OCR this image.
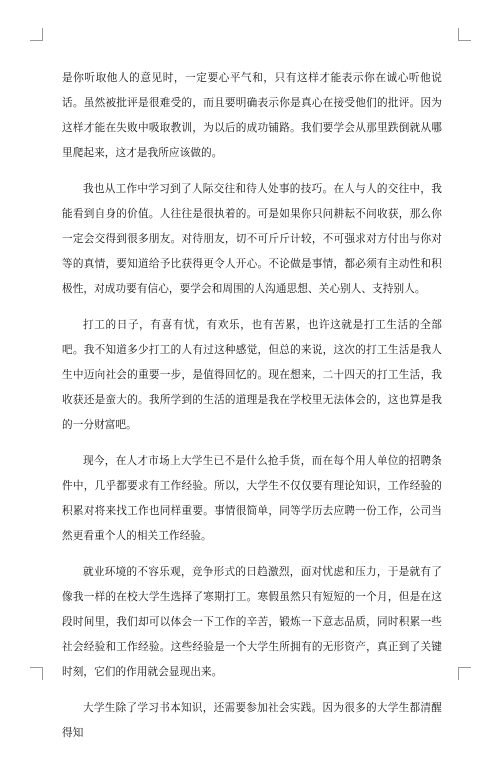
是你听取他人的意见时，一定要心平气和，只有这样才能表示你在诚心听他说话。虽然被批评是很难受的，而且要明确表示你是真心在接受他们的批评。因为这样才能在失败中吸取教训，为以后的成功铺路。我们要学会从那里跌倒就从哪里爬起来，这才是我所应该做的。

我也从工作中学习到了人际交往和待人处事的技巧。在人与人的交往中，我能看到自身的价值。人往往是很执着的。可是如果你只问耕耘不问收获，那么你一定会交得到很多朋友。对待朋友，切不可斤斤计较，不可强求对方付出与你对等的真情，要知道给予比获得更令人开心。不论做是事情，都必须有主动性和积极性，对成功要有信心，要学会和周围的人沟通思想、关心别人、支持别人。

打工的日子，有喜有忧，有欢乐，也有苦累，也许这就是打工生活的全部吧。我不知道多少打工的人有过这种感觉，但总的来说，这次的打工生活是我人生中迈向社会的重要一步，是值得回忆的。现在想来，二十四天的打工生活，我收获还是蛮大的。我所学到的生活的道理是我在学校里无法体会的，这也算是我的一分财富吧。

现今，在人才市场上大学生已不是什么抢手货，而在每个用人单位的招聘条件中，几乎都要求有工作经验。所以，大学生不仅仅要有理论知识，工作经验的积累对将来找工作也同样重要。事情很简单，同等学历去应聘一份工作，公司当然更看重个人的相关工作经验。

就业环境的不容乐观，竞争形式的日趋激烈，面对忧虑和压力，于是就有了像我一样的在校大学生选择了寒期打工。寒假虽然只有短短的一个月，但是在这段时间里，我们却可以体会一下工作的辛苦，锻炼一下意志品质，同时积累一些社会经验和工作经验。这些经验是一个大学生所拥有的无形资产，真正到了关键时刻，它们的作用就会显现出来。

大学生除了学习书本知识，还需要参加社会实践。因为很多的大学生都清醒得知
